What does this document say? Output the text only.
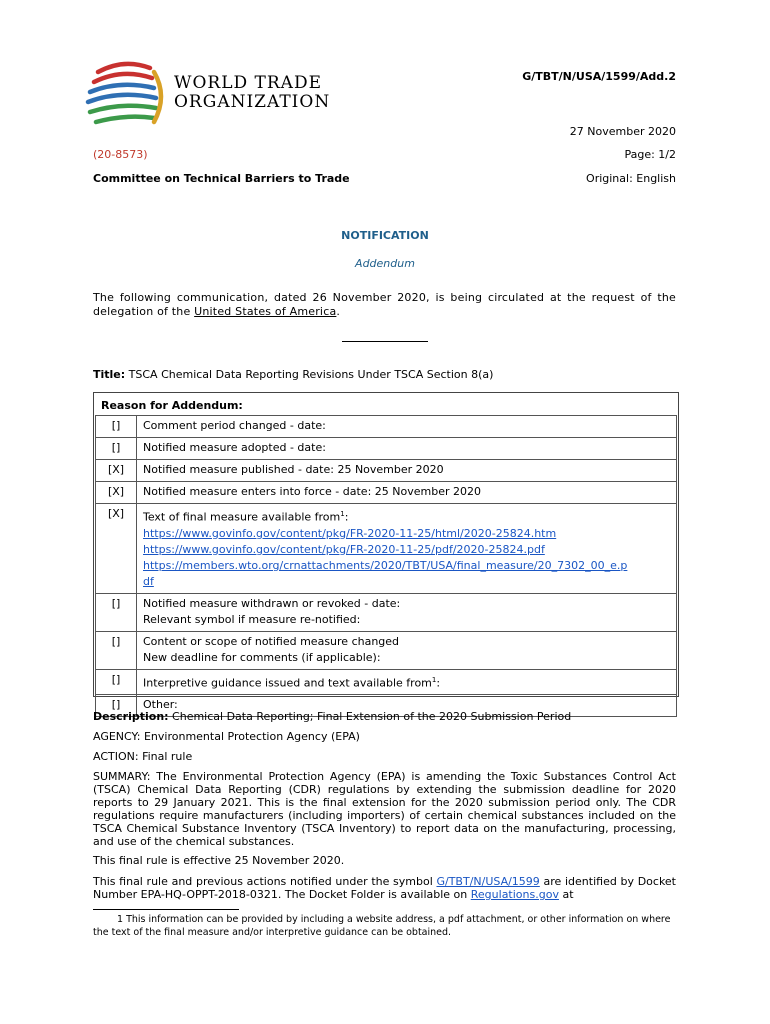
WORLD TRADE
ORGANIZATION
G/TBT/N/USA/1599/Add.2
27 November 2020
(20-8573)	Page: 1/2
Committee on Technical Barriers to Trade	Original: English
NOTIFICATION
Addendum
The following communication, dated 26 November 2020, is being circulated at the request of the delegation of the United States of America.
Title: TSCA Chemical Data Reporting Revisions Under TSCA Section 8(a)
Reason for Addendum:
[]	Comment period changed - date:
[]	Notified measure adopted - date:
[X]	Notified measure published - date: 25 November 2020
[X]	Notified measure enters into force - date: 25 November 2020
[X]	Text of final measure available from$^1$:
https://www.govinfo.gov/content/pkg/FR-2020-11-25/html/2020-25824.htm
https://www.govinfo.gov/content/pkg/FR-2020-11-25/pdf/2020-25824.pdf
https://members.wto.org/crnattachments/2020/TBT/USA/final_measure/20_7302_00_e.p
df

[]	Notified measure withdrawn or revoked - date:
Relevant symbol if measure re-notified:

[]	Content or scope of notified measure changed
New deadline for comments (if applicable):

[]	Interpretive guidance issued and text available from$^1$:
[]	Other:
Description: Chemical Data Reporting; Final Extension of the 2020 Submission Period
AGENCY: Environmental Protection Agency (EPA)
ACTION: Final rule
SUMMARY: The Environmental Protection Agency (EPA) is amending the Toxic Substances Control Act (TSCA) Chemical Data Reporting (CDR) regulations by extending the submission deadline for 2020 reports to 29 January 2021. This is the final extension for the 2020 submission period only. The CDR regulations require manufacturers (including importers) of certain chemical substances included on the TSCA Chemical Substance Inventory (TSCA Inventory) to report data on the manufacturing, processing, and use of the chemical substances.
This final rule is effective 25 November 2020.
This final rule and previous actions notified under the symbol G/TBT/N/USA/1599 are identified by Docket Number EPA-HQ-OPPT-2018-0321. The Docket Folder is available on Regulations.gov at
1 This information can be provided by including a website address, a pdf attachment, or other information on where the text of the final measure and/or interpretive guidance can be obtained.
